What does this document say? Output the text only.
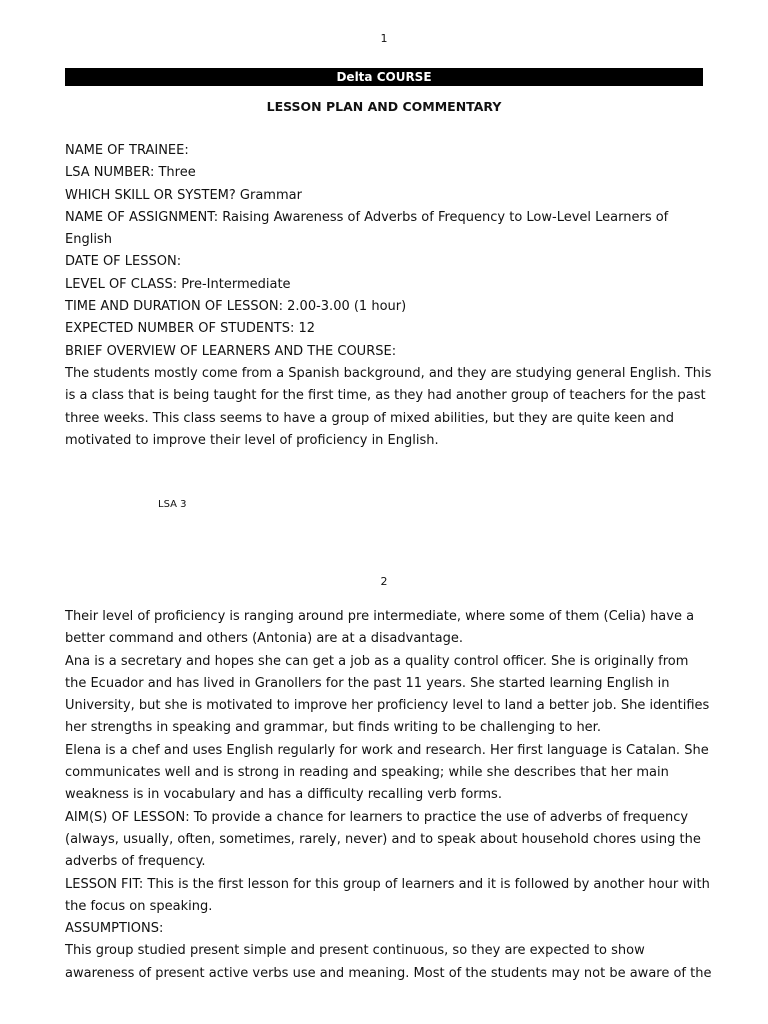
1
Delta COURSE
LESSON PLAN AND COMMENTARY

NAME OF TRAINEE:

LSA NUMBER: Three

WHICH SKILL OR SYSTEM? Grammar

NAME OF ASSIGNMENT: Raising Awareness of Adverbs of Frequency to Low-Level Learners of English

DATE OF LESSON:

LEVEL OF CLASS: Pre-Intermediate

TIME AND DURATION OF LESSON: 2.00-3.00 (1 hour)

EXPECTED NUMBER OF STUDENTS: 12

BRIEF OVERVIEW OF LEARNERS AND THE COURSE:

The students mostly come from a Spanish background, and they are studying general English. This is a class that is being taught for the first time, as they had another group of teachers for the past three weeks. This class seems to have a group of mixed abilities, but they are quite keen and motivated to improve their level of proficiency in English.

LSA 3
2

Their level of proficiency is ranging around pre intermediate, where some of them (Celia) have a better command and others (Antonia) are at a disadvantage.

Ana is a secretary and hopes she can get a job as a quality control officer. She is originally from the Ecuador and has lived in Granollers for the past 11 years. She started learning English in University, but she is motivated to improve her proficiency level to land a better job. She identifies her strengths in speaking and grammar, but finds writing to be challenging to her.

Elena is a chef and uses English regularly for work and research. Her first language is Catalan. She communicates well and is strong in reading and speaking; while she describes that her main weakness is in vocabulary and has a difficulty recalling verb forms.

AIM(S) OF LESSON: To provide a chance for learners to practice the use of adverbs of frequency (always, usually, often, sometimes, rarely, never) and to speak about household chores using the adverbs of frequency.

LESSON FIT: This is the first lesson for this group of learners and it is followed by another hour with the focus on speaking.

ASSUMPTIONS:

This group studied present simple and present continuous, so they are expected to show awareness of present active verbs use and meaning. Most of the students may not be aware of the
